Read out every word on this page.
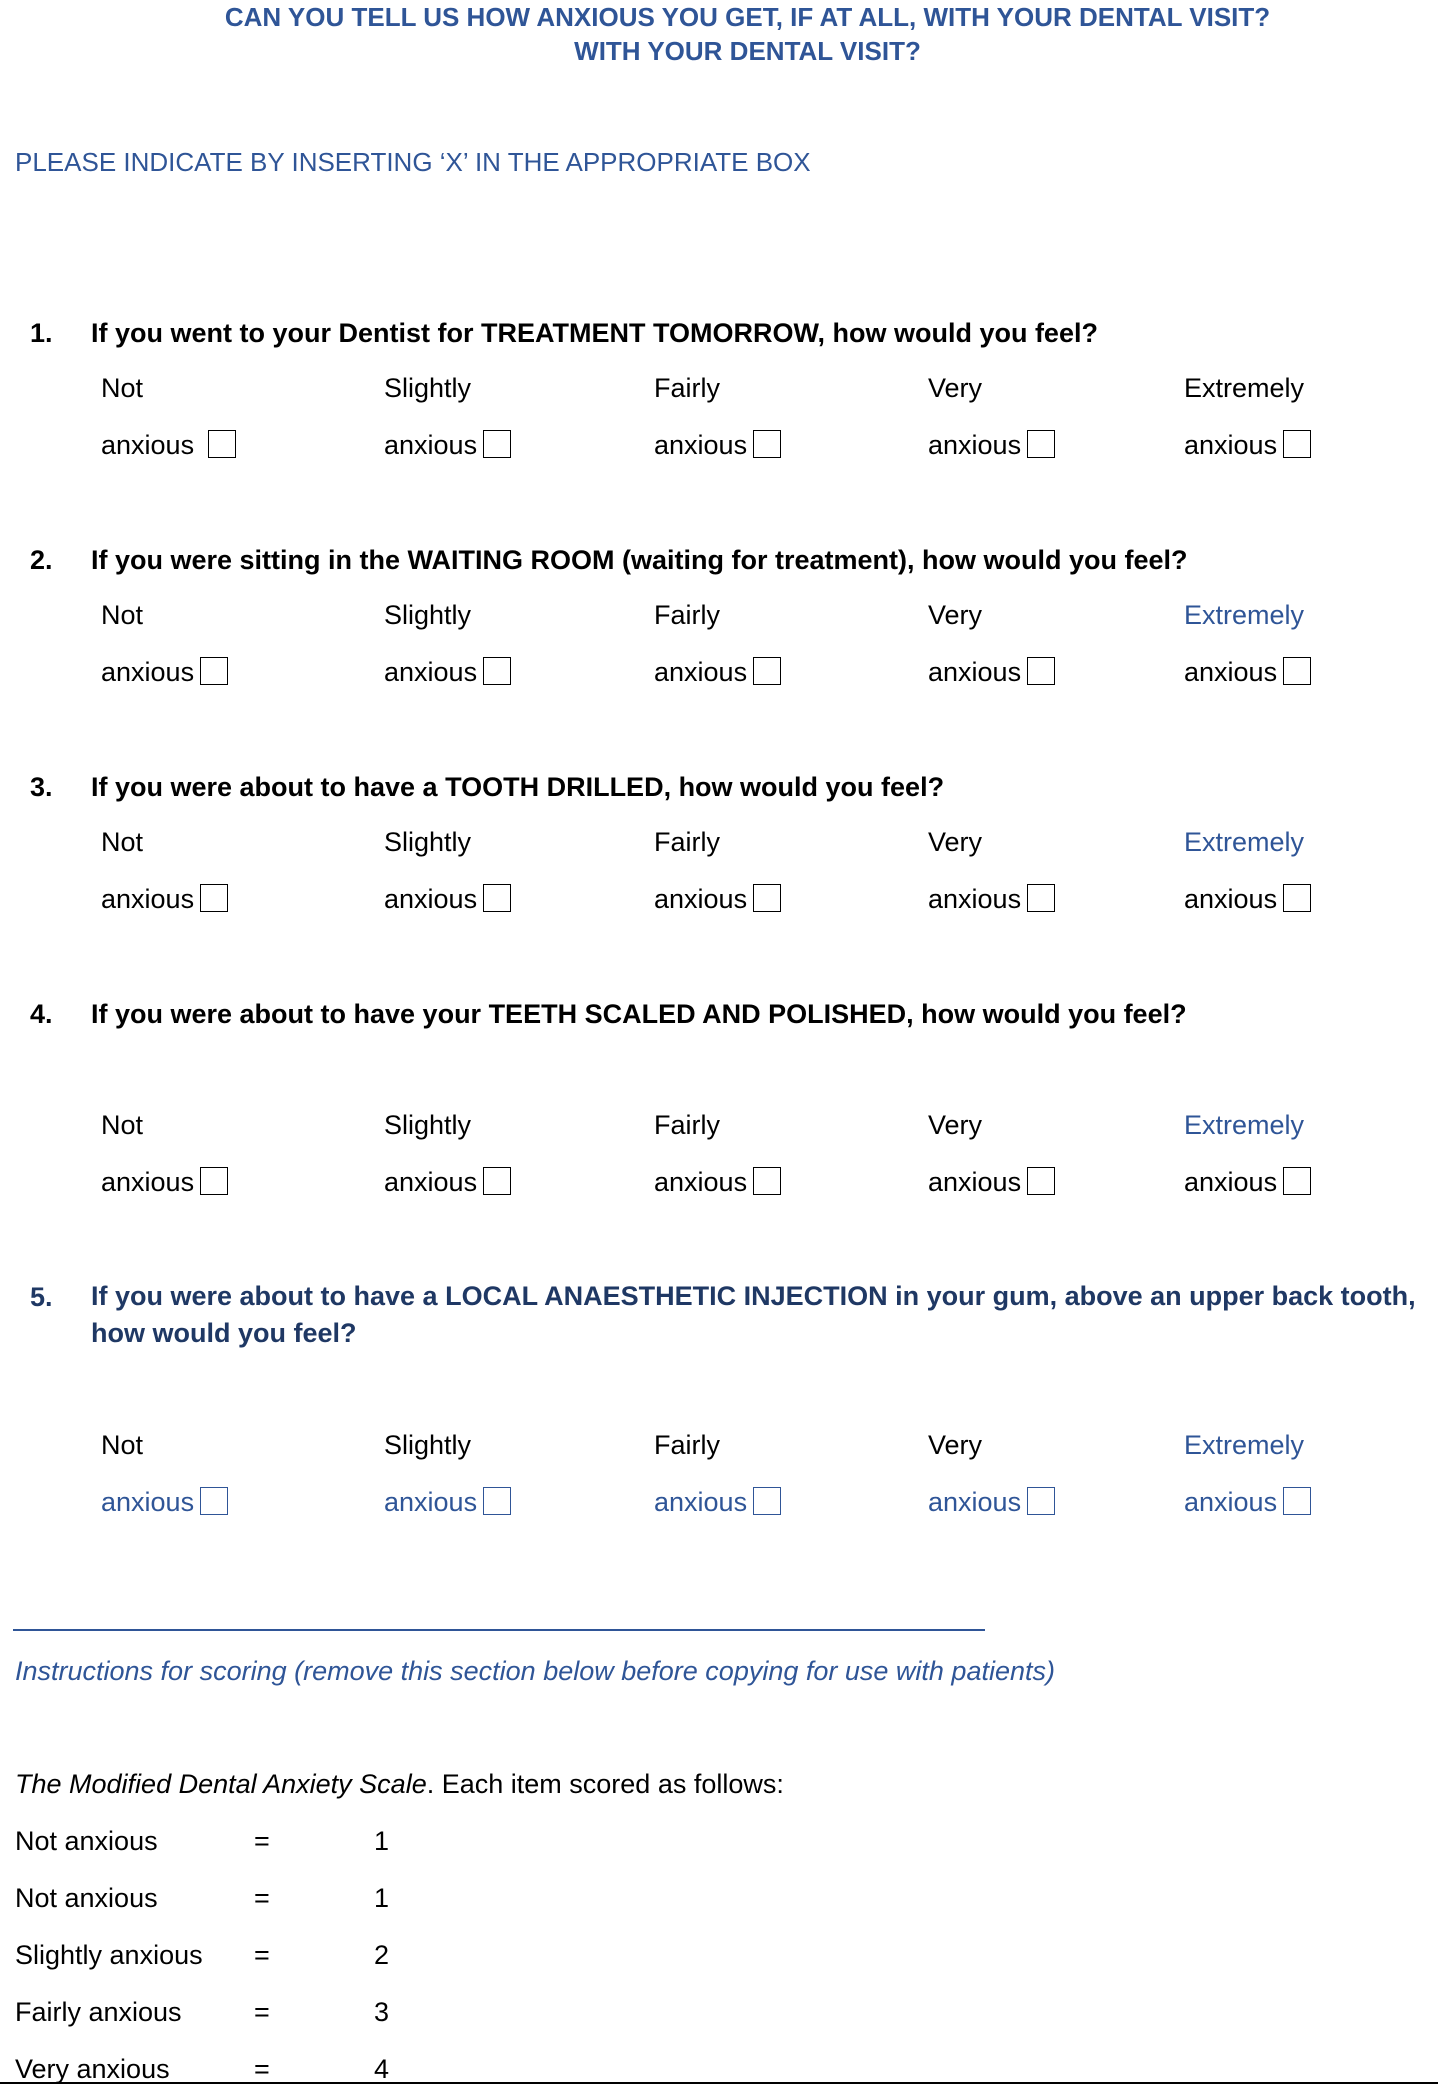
CAN YOU TELL US HOW ANXIOUS YOU GET, IF AT ALL, WITH YOUR DENTAL VISIT?
WITH YOUR DENTAL VISIT?
PLEASE INDICATE BY INSERTING ‘X’ IN THE APPROPRIATE BOX
1. If you went to your Dentist for TREATMENT TOMORROW, how would you feel?
Not	Slightly	Fairly	Very	Extremely
anxious	anxious	anxious	anxious	anxious
2. If you were sitting in the WAITING ROOM (waiting for treatment), how would you feel?
Not	Slightly	Fairly	Very	Extremely
anxious	anxious	anxious	anxious	anxious
3. If you were about to have a TOOTH DRILLED, how would you feel?
Not	Slightly	Fairly	Very	Extremely
anxious	anxious	anxious	anxious	anxious
4. If you were about to have your TEETH SCALED AND POLISHED, how would you feel?
Not	Slightly	Fairly	Very	Extremely
anxious	anxious	anxious	anxious	anxious
5. If you were about to have a LOCAL ANAESTHETIC INJECTION in your gum, above an upper back tooth, how would you feel?
Not	Slightly	Fairly	Very	Extremely
anxious	anxious	anxious	anxious	anxious
Instructions for scoring (remove this section below before copying for use with patients)
The Modified Dental Anxiety Scale. Each item scored as follows:
Not anxious	=	1
Not anxious	=	1
Slightly anxious =	2
Fairly anxious	=	3
Very anxious	=	4
